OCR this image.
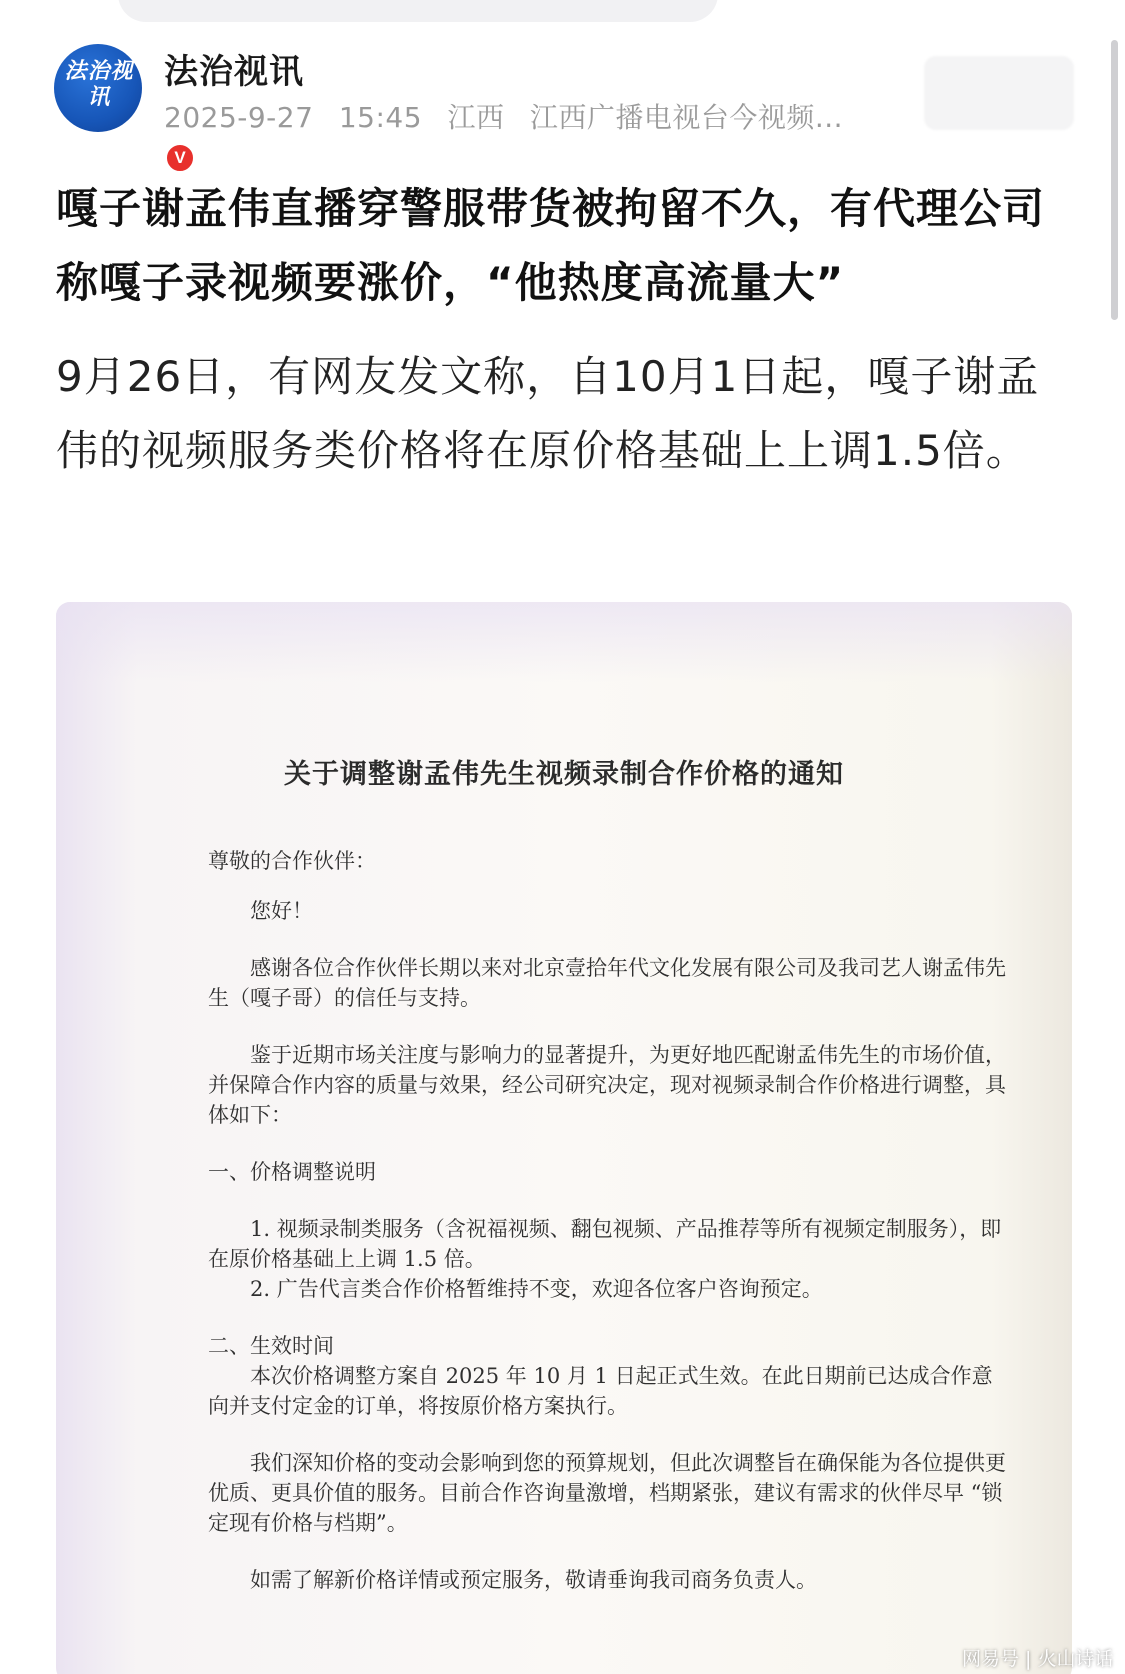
法治视讯
V
法治视讯
2025-9-27 15:45 江西 江西广播电视台今视频...
嘎子谢孟伟直播穿警服带货被拘留不久，有代理公司称嘎子录视频要涨价，“他热度高流量大”
9月26日，有网友发文称，自10月1日起，嘎子谢孟伟的视频服务类价格将在原价格基础上上调1.5倍。
关于调整谢孟伟先生视频录制合作价格的通知

尊敬的合作伙伴：

您好！

感谢各位合作伙伴长期以来对北京壹拾年代文化发展有限公司及我司艺人谢孟伟先生（嘎子哥）的信任与支持。

鉴于近期市场关注度与影响力的显著提升，为更好地匹配谢孟伟先生的市场价值，并保障合作内容的质量与效果，经公司研究决定，现对视频录制合作价格进行调整，具体如下：

一、价格调整说明

1. 视频录制类服务（含祝福视频、翻包视频、产品推荐等所有视频定制服务），即在原价格基础上上调 1.5 倍。

2. 广告代言类合作价格暂维持不变，欢迎各位客户咨询预定。

二、生效时间

本次价格调整方案自 2025 年 10 月 1 日起正式生效。在此日期前已达成合作意向并支付定金的订单，将按原价格方案执行。

我们深知价格的变动会影响到您的预算规划，但此次调整旨在确保能为各位提供更优质、更具价值的服务。目前合作咨询量激增，档期紧张，建议有需求的伙伴尽早 “锁定现有价格与档期”。

如需了解新价格详情或预定服务，敬请垂询我司商务负责人。

网易号 | 火山诗话
